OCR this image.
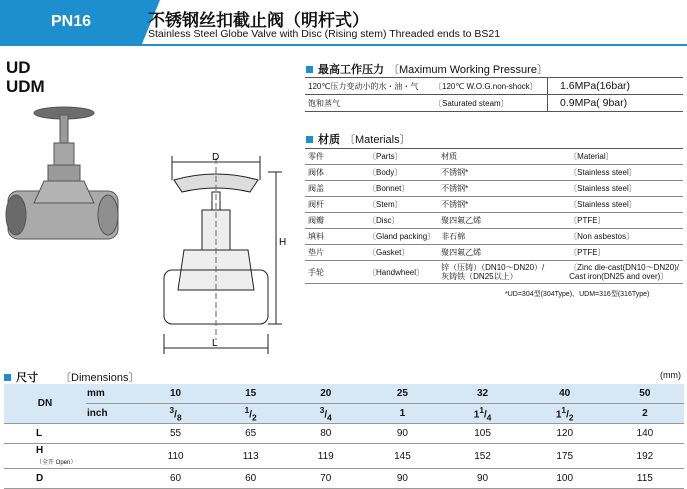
PN16	不锈钢丝扣截止阀（明杆式）
Stainless Steel Globe Valve with Disc (Rising stem) Threaded ends to BS21
UD
UDM
D
H
L
最高工作压力 〔Maximum Working Pressure〕
120℃压力变动小的水・油・气	〔120℃ W.O.G.non-shock〕	1.6MPa(16bar)
饱和蒸气	〔Saturated steam〕	0.9MPa( 9bar)
材质 〔Materials〕
零件	〔Parts〕	材质	〔Material〕
阀体	〔Body〕	不锈钢*	〔Stainless steel〕
阀盖	〔Bonnet〕	不锈钢*	〔Stainless steel〕
阀杆	〔Stem〕	不锈钢*	〔Stainless steel〕
阀瓣	〔Disc〕	聚四氟乙烯	〔PTFE〕
填料	〔Gland packing〕	非石棉	〔Non asbestos〕
垫片	〔Gasket〕	聚四氟乙烯	〔PTFE〕
手轮	〔Handwheel〕	锌（压铸）（DN10～DN20）/
灰铸铁（DN25以上）	〔Zinc die-cast(DN10～DN20)/
Cast iron(DN25 and over)〕
*UD=304型(304Type)、UDM=316型(316Type)
尺寸 〔Dimensions〕	(mm)
DN	mm	10	15	20	25	32	40	50
	inch	$^3/_8$	$^1/_2$	$^3/_4$	1	$1^1/_4$	$1^1/_2$	2
L		55	65	80	90	105	120	140
H （全开 Open）		110	113	119	145	152	175	192
D		60	60	70	90	90	100	115
